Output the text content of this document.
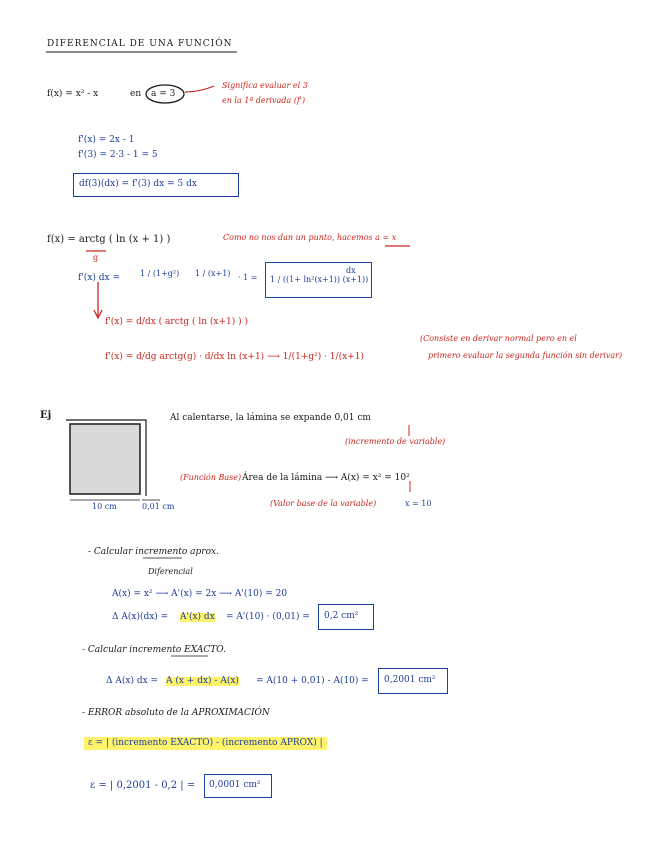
DIFERENCIAL DE UNA FUNCIÓN
f(x) = x² - x	en a = 3
Significa evaluar el 3
en la 1ª derivada (f')
f'(x) = 2x - 1
f'(3) = 2·3 - 1 = 5
df(3)(dx) = f'(3) dx = 5 dx
f(x) = arctg ( ln (x + 1) )
g
Como no nos dan un punto, hacemos a = x
f'(x) dx = 1 / (1+g²) 1 / (x+1) · 1 = 1 / ((1+ ln²(x+1)) (x+1))
dx
f'(x) = d/dx ( arctg ( ln (x+1) ) )
f'(x) = d/dg arctg(g) · d/dx ln (x+1) ⟶ 1/(1+g²) · 1/(x+1)
(Consiste en derivar normal pero en el
primero evaluar la segunda función sin derivar)
Ej	Al calentarse, la lámina se expande 0,01 cm
(incremento de variable)
10 cm	0,01 cm
(Función Base) Área de la lámina ⟶ A(x) = x² = 10²
(Valor base de la variable)	x = 10
- Calcular incremento aprox.
Diferencial
A(x) = x² ⟶ A'(x) = 2x ⟶ A'(10) = 20
Δ A(x)(dx) = A'(x) dx = A'(10) · (0,01) = 0,2 cm²
- Calcular incremento EXACTO.
Δ A(x) dx = A (x + dx) - A(x) = A(10 + 0,01) - A(10) = 0,2001 cm²
- ERROR absoluto de la APROXIMACIÓN
ε = | (incremento EXACTO) - (incremento APROX) |
ε = | 0,2001 - 0,2 | = 0,0001 cm²
